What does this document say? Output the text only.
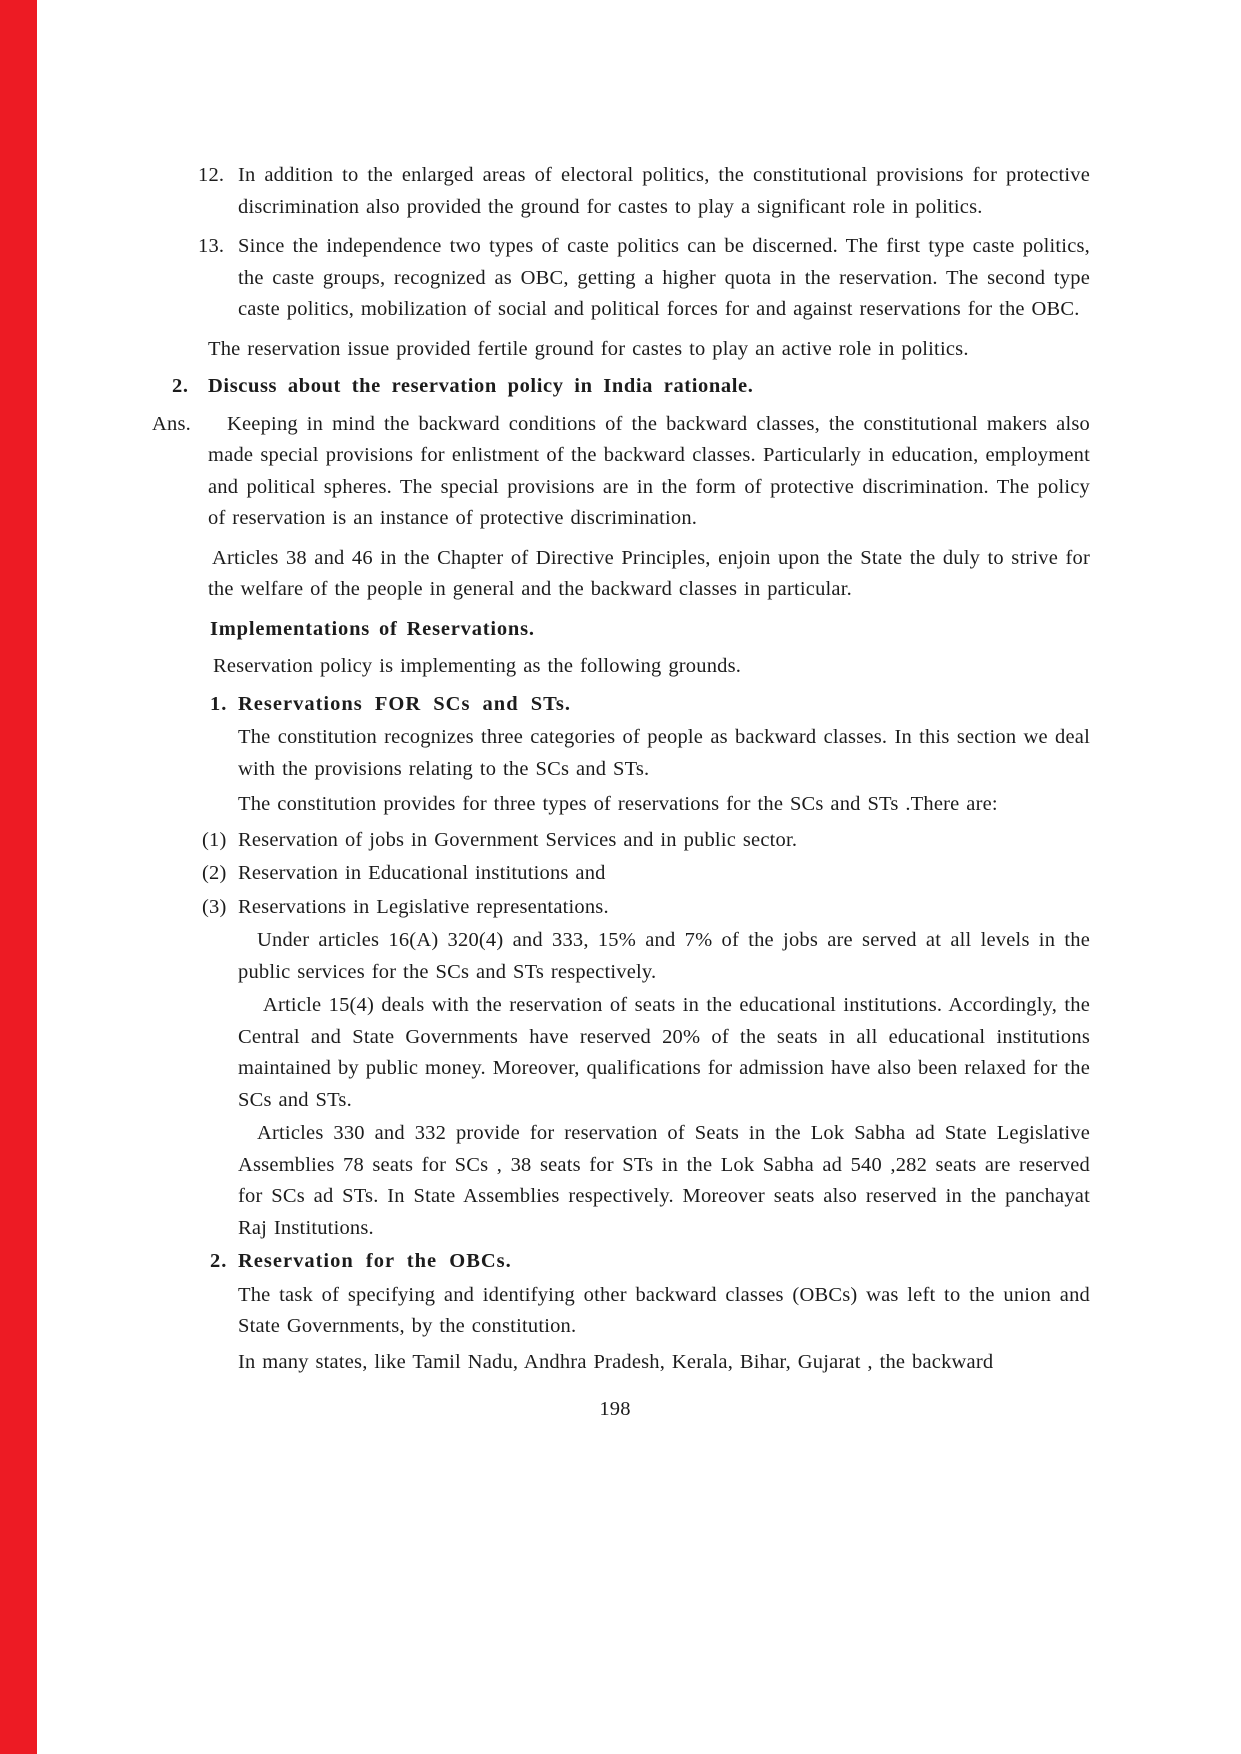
12. In addition to the enlarged areas of electoral politics, the constitutional provisions for protective discrimination also provided the ground for castes to play a significant role in politics.
13. Since the independence two types of caste politics can be discerned. The first type caste politics, the caste groups, recognized as OBC, getting a higher quota in the reservation. The second type caste politics, mobilization of social and political forces for and against reservations for the OBC.

The reservation issue provided fertile ground for castes to play an active role in politics.

2. Discuss about the reservation policy in India rationale.
Ans.	Keeping in mind the backward conditions of the backward classes, the constitutional makers also made special provisions for enlistment of the backward classes. Particularly in education, employment and political spheres. The special provisions are in the form of protective discrimination. The policy of reservation is an instance of protective discrimination.

Articles 38 and 46 in the Chapter of Directive Principles, enjoin upon the State the duly to strive for the welfare of the people in general and the backward classes in particular.

Implementations of Reservations.

Reservation policy is implementing as the following grounds.

1. Reservations FOR SCs and STs.

The constitution recognizes three categories of people as backward classes. In this section we deal with the provisions relating to the SCs and STs.

The constitution provides for three types of reservations for the SCs and STs .There are:

(1) Reservation of jobs in Government Services and in public sector.
(2) Reservation in Educational institutions and
(3) Reservations in Legislative representations.

Under articles 16(A) 320(4) and 333, 15% and 7% of the jobs are served at all levels in the public services for the SCs and STs respectively.

Article 15(4) deals with the reservation of seats in the educational institutions. Accordingly, the Central and State Governments have reserved 20% of the seats in all educational institutions maintained by public money. Moreover, qualifications for admission have also been relaxed for the SCs and STs.

Articles 330 and 332 provide for reservation of Seats in the Lok Sabha ad State Legislative Assemblies 78 seats for SCs , 38 seats for STs in the Lok Sabha ad 540 ,282 seats are reserved for SCs ad STs. In State Assemblies respectively. Moreover seats also reserved in the panchayat Raj Institutions.

2. Reservation for the OBCs.

The task of specifying and identifying other backward classes (OBCs) was left to the union and State Governments, by the constitution.

In many states, like Tamil Nadu, Andhra Pradesh, Kerala, Bihar, Gujarat , the backward

198
